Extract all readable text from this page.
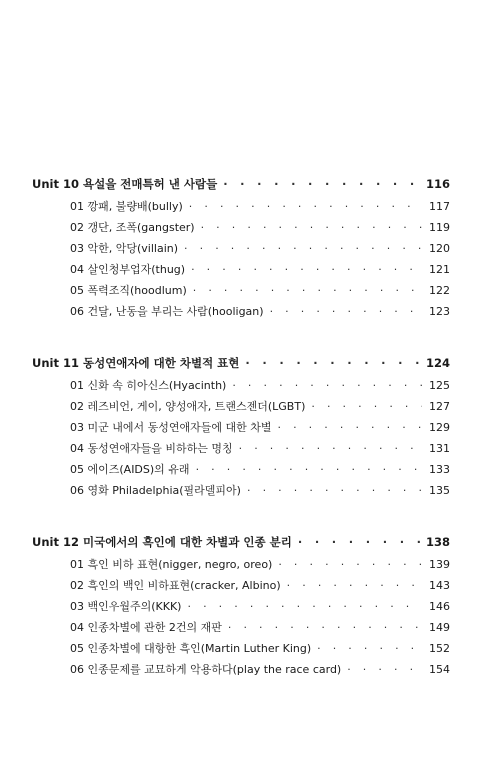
Unit 10 욕설을 전매특허 낸 사람들 · · ·	116
01 깡패, 불량배(bully) · · ·	117
02 갱단, 조폭(gangster) · · ·	119
03 악한, 악당(villain) · · ·	120
04 살인청부업자(thug) · · ·	121
05 폭력조직(hoodlum) · · ·	122
06 건달, 난동을 부리는 사람(hooligan) · · ·	123
Unit 11 동성연애자에 대한 차별적 표현 · · ·	124
01 신화 속 히아신스(Hyacinth) · · ·	125
02 레즈비언, 게이, 양성애자, 트랜스젠더(LGBT) · · ·	127
03 미군 내에서 동성연애자들에 대한 차별 · · ·	129
04 동성연애자들을 비하하는 명칭 · · ·	131
05 에이즈(AIDS)의 유래 · · ·	133
06 영화 Philadelphia(필라델피아) · · ·	135
Unit 12 미국에서의 흑인에 대한 차별과 인종 분리 · · ·	138
01 흑인 비하 표현(nigger, negro, oreo) · · ·	139
02 흑인의 백인 비하표현(cracker, Albino) · · ·	143
03 백인우월주의(KKK) · · ·	146
04 인종차별에 관한 2건의 재판 · · ·	149
05 인종차별에 대항한 흑인(Martin Luther King) · · ·	152
06 인종문제를 교묘하게 악용하다(play the race card) · · ·	154
